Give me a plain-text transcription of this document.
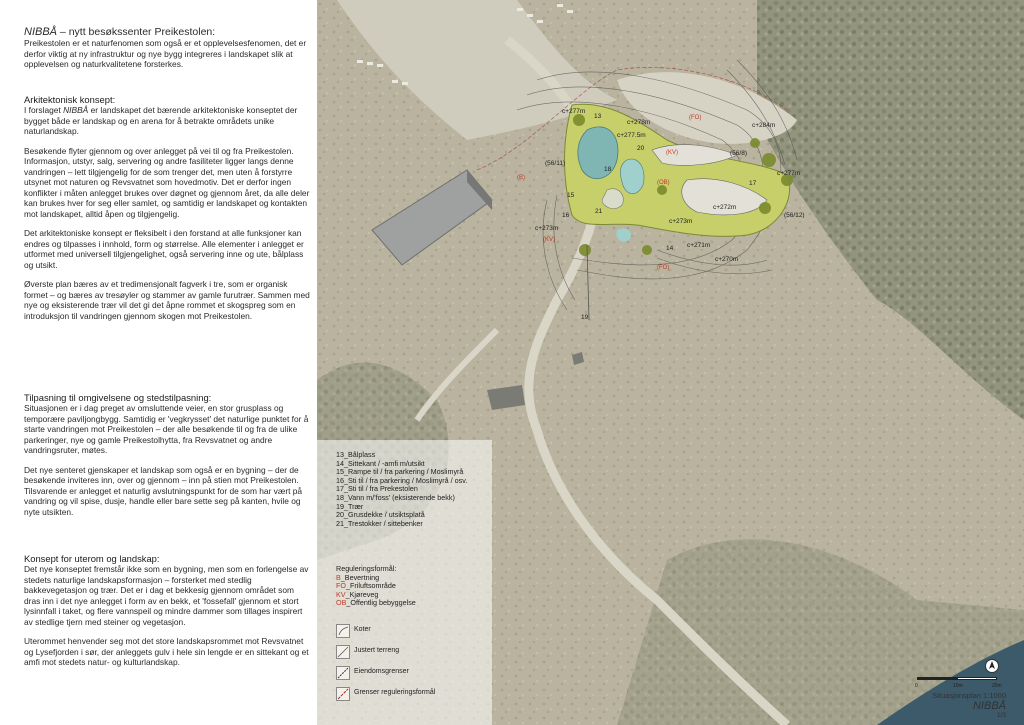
NIBBÅ – nytt besøkssenter Preikestolen:

Preikestolen er et naturfenomen som også er et opplevelsesfenomen, det er derfor viktig at ny infrastruktur og nye bygg integreres i landskapet slik at opplevelsen og naturkvalitetene forsterkes.

Arkitektonisk konsept:

I forslaget NIBBÅ er landskapet det bærende arkitektoniske konseptet der bygget både er landskap og en arena for å betrakte områdets unike naturlandskap.

Besøkende flyter gjennom og over anlegget på vei til og fra Preikestolen. Informasjon, utstyr, salg, servering og andre fasiliteter ligger langs denne vandringen – lett tilgjengelig for de som trenger det, men uten å forstyrre utsynet mot naturen og Revsvatnet som hovedmotiv. Det er derfor ingen konflikter i måten anlegget brukes over døgnet og gjennom året, da alle deler kan brukes hver for seg eller samlet, og samtidig er landskapet og kontakten mot landskapet, alltid åpen og tilgjengelig.

Det arkitektoniske konsept er fleksibelt i den forstand at alle funksjoner kan endres og tilpasses i innhold, form og størrelse. Alle elementer i anlegget er utformet med universell tilgjengelighet, også servering inne og ute, bålplass og utsikt.

Øverste plan bæres av et tredimensjonalt fagverk i tre, som er organisk formet – og bæres av tresøyler og stammer av gamle furutrær. Sammen med nye og eksisterende trær vil det gi det åpne rommet et skogspreg som en introduksjon til vandringen gjennom skogen mot Preikestolen.

Tilpasning til omgivelsene og stedstilpasning:

Situasjonen er i dag preget av omsluttende veier, en stor grusplass og temporære paviljongbygg. Samtidig er 'vegkrysset' det naturlige punktet for å starte vandringen mot Preikestolen – der alle besøkende til og fra de ulike parkeringer, nye og gamle Preikestolhytta, fra Revsvatnet og andre vandringsruter, møtes.

Det nye senteret gjenskaper et landskap som også er en bygning – der de besøkende inviteres inn, over og gjennom – inn på stien mot Preikestolen. Tilsvarende er anlegget et naturlig avslutningspunkt for de som har vært på vandring og vil spise, dusje, handle eller bare sette seg på kanten, hvile og nyte utsikten.

Konsept for uterom og landskap:

Det nye konseptet fremstår ikke som en bygning, men som en forlengelse av stedets naturlige landskapsformasjon – forsterket med stedlig bakkevegetasjon og trær. Det er i dag et bekkesig gjennom området som dras inn i det nye anlegget i form av en bekk, et 'fossefall' gjennom et stort lysinnfall i taket, og flere vannspeil og mindre dammer som tillages inspirert av stedlige tjern med steiner og vegetasjon.

Uterommet henvender seg mot det store landskapsrommet mot Revsvatnet og Lysefjorden i sør, der anleggets gulv i hele sin lengde er en sittekant og et amfi mot stedets natur- og kulturlandskap.

13
14
15
16
17
18
19
20
21
c+277m
c+278m
c+277.5m
c+284m
c+277m
c+273m
c+272m
c+271m
c+270m
c+273m
(56/11)
(56/8)
(56/12)
(FO)
(KV)
(OB)
(B)
(KV)
(FO)
13_Bålplass
14_Sittekant / -amfi m/utsikt
15_Rampe til / fra parkering / Moslimyrå
16_Sti til / fra parkering / Moslimyrå / osv.
17_Sti til / fra Prekestolen
18_Vann m/'foss' (eksisterende bekk)
19_Trær
20_Grusdekke / utsiktsplatå
21_Trestokker / sittebenker
Reguleringsformål:
B_Bevertning
FO_Friluftsområde
KV_Kjøreveg
OB_Offentlig bebyggelse
Koter
Justert terreng
Eiendomsgrenser
Grenser reguleringsformål
0	10m	20m
Situasjonsplan 1:1000
NIBBÅ
1/3
